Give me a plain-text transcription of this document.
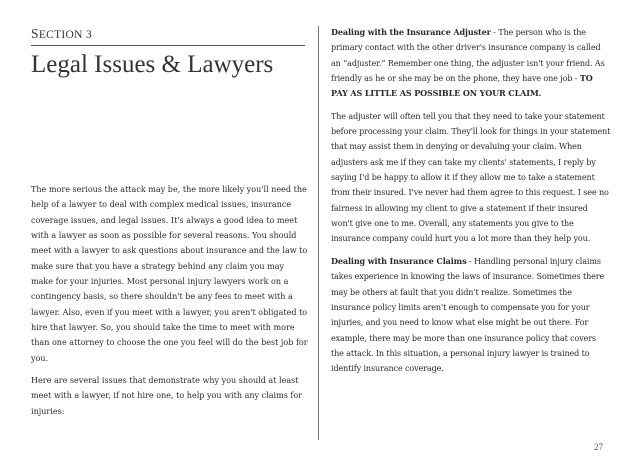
SECTION 3
Legal Issues & Lawyers

The more serious the attack may be, the more likely you'll need the help of a lawyer to deal with complex medical issues, insurance coverage issues, and legal issues. It's always a good idea to meet with a lawyer as soon as possible for several reasons. You should meet with a lawyer to ask questions about insurance and the law to make sure that you have a strategy behind any claim you may make for your injuries. Most personal injury lawyers work on a contingency basis, so there shouldn't be any fees to meet with a lawyer. Also, even if you meet with a lawyer, you aren't obligated to hire that lawyer. So, you should take the time to meet with more than one attorney to choose the one you feel will do the best job for you.

Here are several issues that demonstrate why you should at least meet with a lawyer, if not hire one, to help you with any claims for injuries:

Dealing with the Insurance Adjuster - The person who is the primary contact with the other driver's insurance company is called an “adjuster.” Remember one thing, the adjuster isn't your friend. As friendly as he or she may be on the phone, they have one job - TO PAY AS LITTLE AS POSSIBLE ON YOUR CLAIM.

The adjuster will often tell you that they need to take your statement before processing your claim. They'll look for things in your statement that may assist them in denying or devaluing your claim. When adjusters ask me if they can take my clients' statements, I reply by saying I'd be happy to allow it if they allow me to take a statement from their insured. I've never had them agree to this request. I see no fairness in allowing my client to give a statement if their insured won't give one to me. Overall, any statements you give to the insurance company could hurt you a lot more than they help you.

Dealing with Insurance Claims - Handling personal injury claims takes experience in knowing the laws of insurance. Sometimes there may be others at fault that you didn't realize. Sometimes the insurance policy limits aren't enough to compensate you for your injuries, and you need to know what else might be out there. For example, there may be more than one insurance policy that covers the attack. In this situation, a personal injury lawyer is trained to identify insurance coverage.

27
